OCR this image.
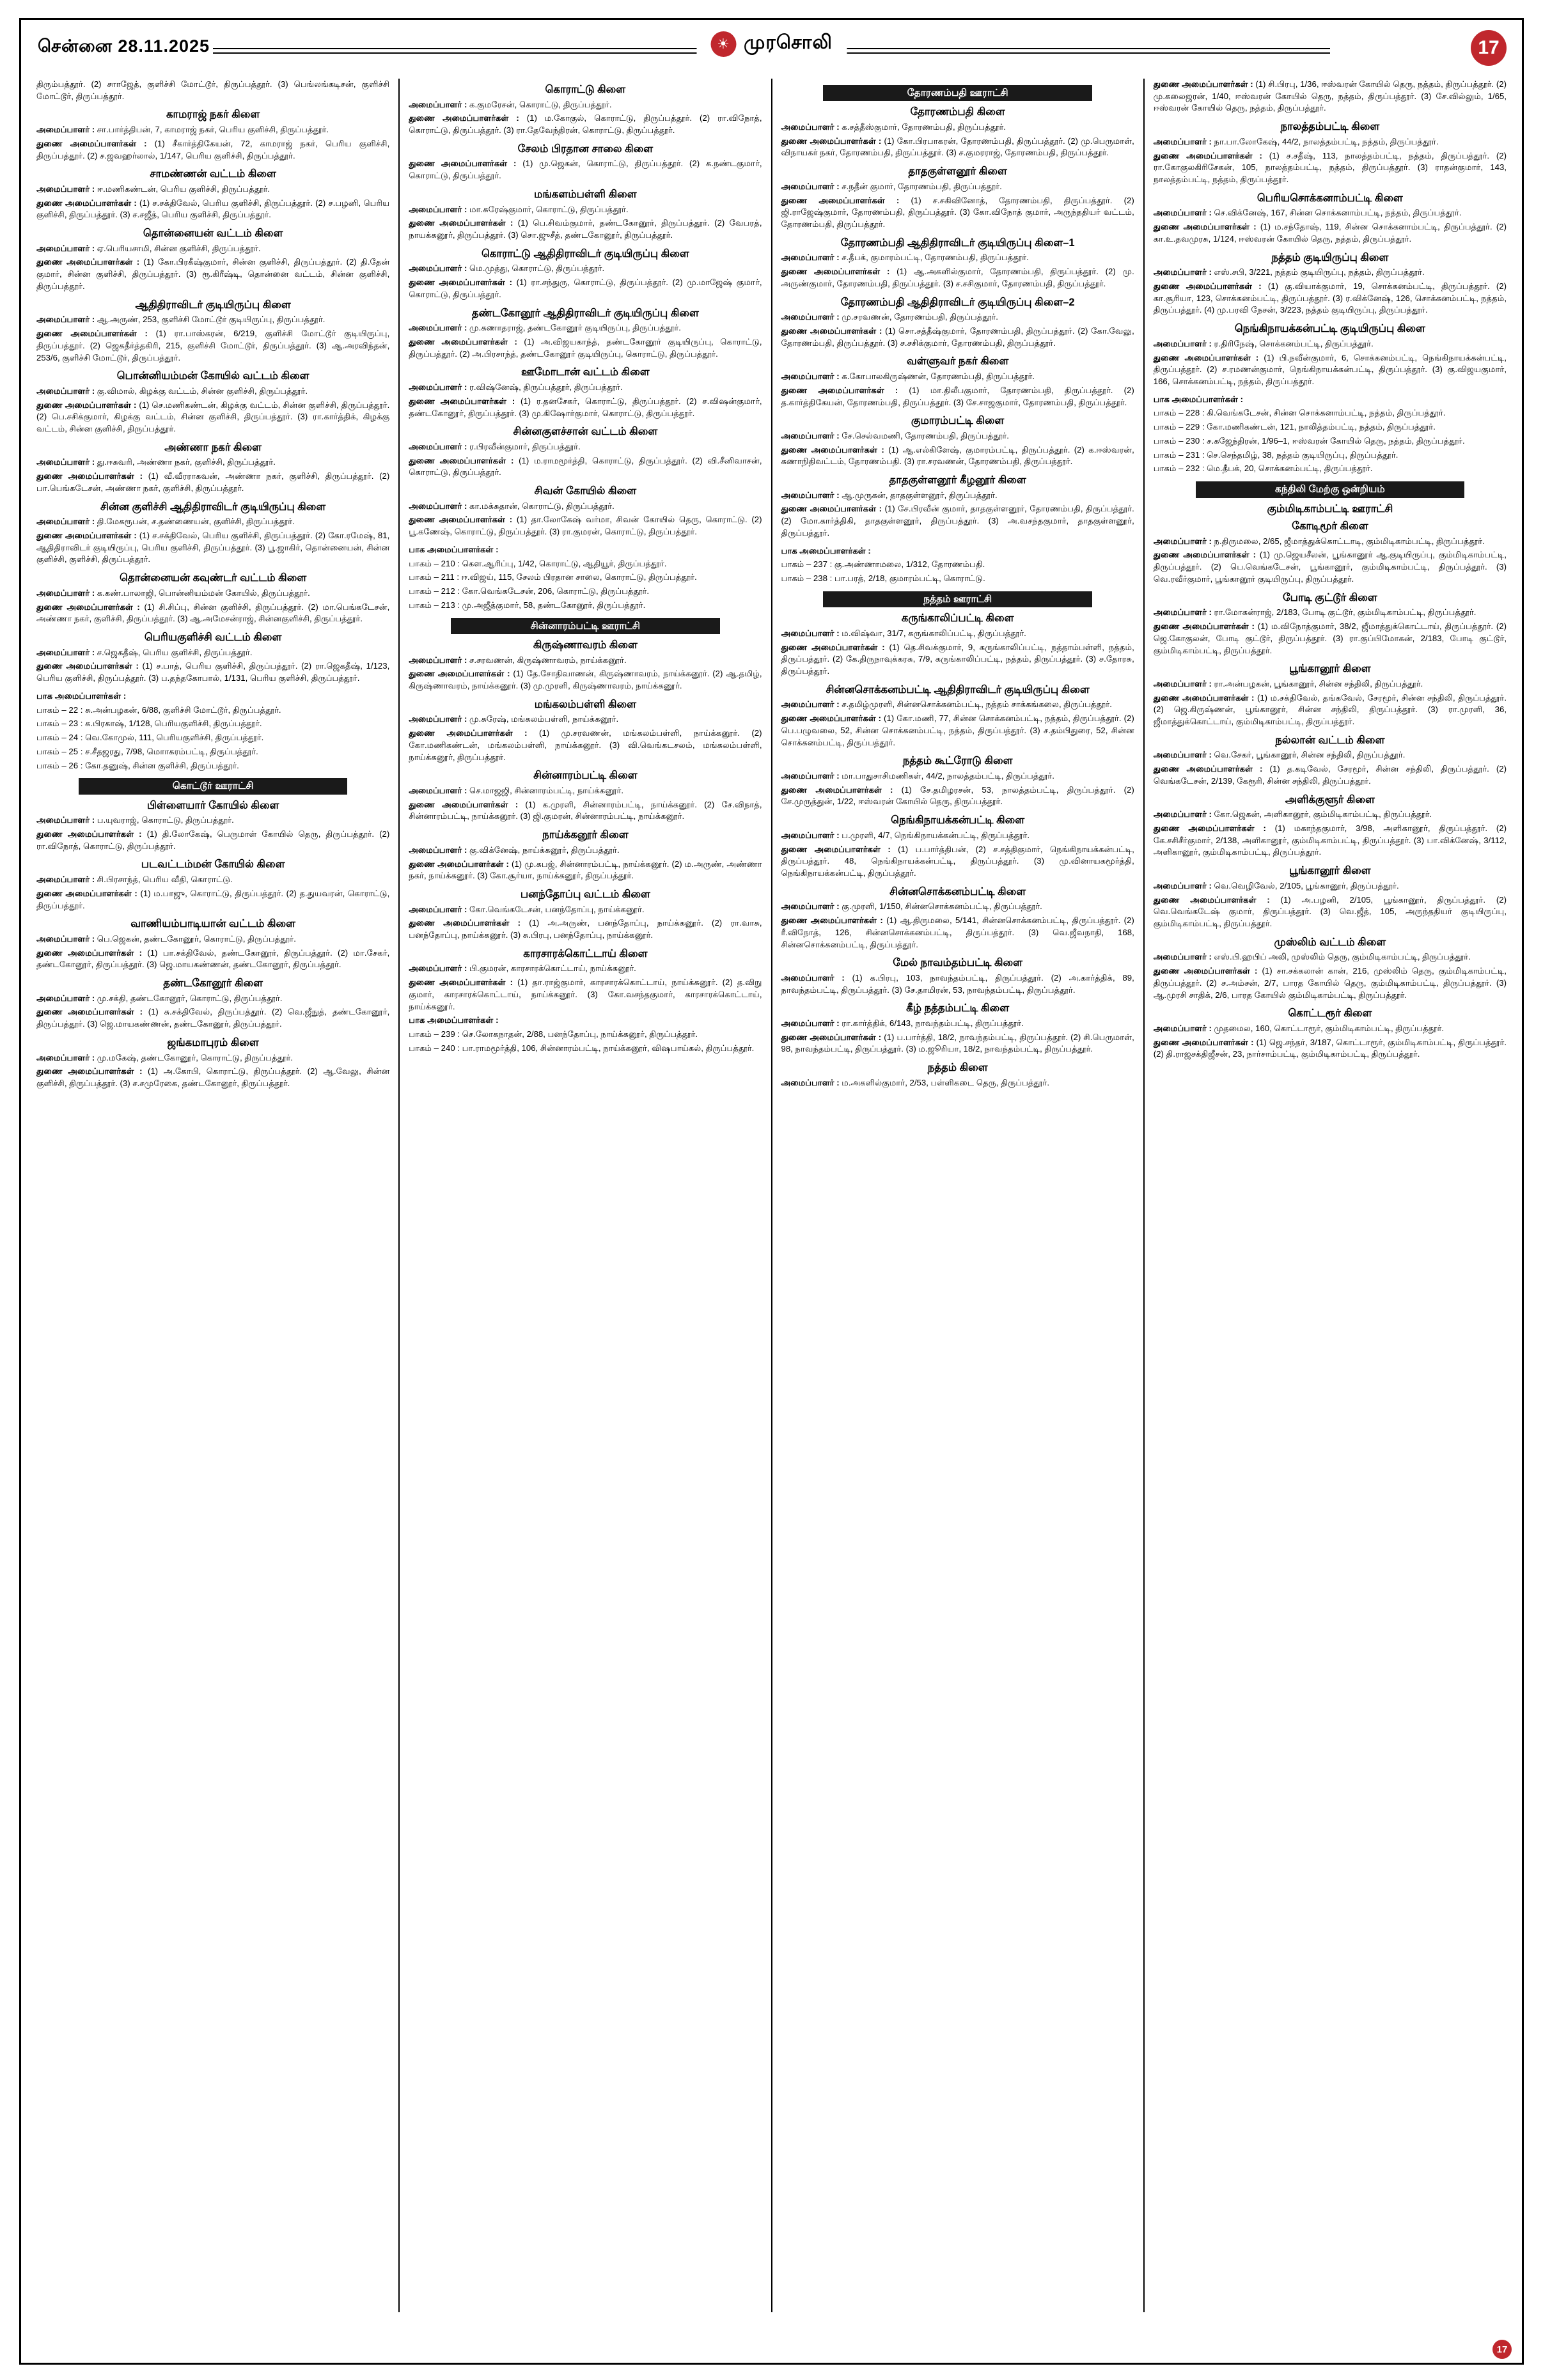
சென்னை 28.11.2025	☀ முரசொலி	17

திரும்பத்தூர். (2) சாாஜேத், குளிச்சி மோட்டூர், திருப்பத்தூர். (3) பெங்லங்கடிசன், குளிச்சி மோட்டூர், திருப்பத்தூர்.

காமராஜ் நகர் கிளை

அமைப்பாளர் : சா.பார்த்திபன், 7, காமராஜ் நகர், பெரிய குளிச்சி, திருப்பத்தூர்.

துணை அமைப்பாளர்கள் : (1) சீகார்த்திகேயன், 72, காமராஜ் நகர், பெரிய குளிச்சி, திருப்பத்தூர். (2) ச.ஜவஹர்லால், 1/147, பெரிய குளிச்சி, திருப்பத்தூர்.

சாமண்ணன் வட்டம் கிளை

அமைப்பாளர் : ஈ.மணிகண்டன், பெரிய குளிச்சி, திருப்பத்தூர்.

துணை அமைப்பாளர்கள் : (1) ச.சக்திவேல், பெரிய குளிச்சி, திருப்பத்தூர். (2) ச.பழனி, பெரிய குளிச்சி, திருப்பத்தூர். (3) ச.சஜீத், பெரிய குளிச்சி, திருப்பத்தூர்.

தொன்னையன் வட்டம் கிளை

அமைப்பாளர் : ஏ.பெரியசாமி, சின்ன குளிச்சி, திருப்பத்தூர்.

துணை அமைப்பாளர்கள் : (1) கோ.பிரகீஷ்குமார், சின்ன குளிச்சி, திருப்பத்தூர். (2) தி.தேன் குமார், சின்ன குளிச்சி, திருப்பத்தூர். (3) ரூ.கிரீஷ்டி, தொன்னை வட்டம், சின்ன குளிச்சி, திருப்பத்தூர்.

ஆதிதிராவிடர் குடியிருப்பு கிளை

அமைப்பாளர் : ஆ.அருண், 253, குளிச்சி மோட்டூர் குடியிருப்பு, திருப்பத்தூர்.

துணை அமைப்பாளர்கள் : (1) ரா.பாஸ்கரன், 6/219, குளிச்சி மோட்டூர் குடியிருப்பு, திருப்பத்தூர். (2) ஜெகதீர்த்தகிரி, 215, குளிச்சி மோட்டூர், திருப்பத்தூர். (3) ஆ.அரவிந்தன், 253/6, குளிச்சி மோட்டூர், திருப்பத்தூர்.

பொன்னியம்மன் கோயில் வட்டம் கிளை

அமைப்பாளர் : கு.விமால், கிழக்கு வட்டம், சின்ன குளிச்சி, திருப்பத்தூர்.

துணை அமைப்பாளர்கள் : (1) செ.மணிகண்டன், கிழக்கு வட்டம், சின்ன குளிச்சி, திருப்பத்தூர். (2) பெ.சசிக்குமார், கிழக்கு வட்டம், சின்ன குளிச்சி, திருப்பத்தூர். (3) ரா.கார்த்திக், கிழக்கு வட்டம், சின்ன குளிச்சி, திருப்பத்தூர்.

அண்ணா நகர் கிளை

அமைப்பாளர் : து.ஈசுவரி, அண்ணா நகர், குளிச்சி, திருப்பத்தூர்.

துணை அமைப்பாளர்கள் : (1) வீ.வீரராகவன், அண்ணா நகர், குளிச்சி, திருப்பத்தூர். (2) பா.பெங்கடேசன், அண்ணா நகர், குளிச்சி, திருப்பத்தூர்.

சின்ன குளிச்சி ஆதிதிராவிடர் குடியிருப்பு கிளை

அமைப்பாளர் : தி.மேகரூபன், ச.தண்ணையன், குளிச்சி, திருப்பத்தூர்.

துணை அமைப்பாளர்கள் : (1) ச.சக்திவேல், பெரிய குளிச்சி, திருப்பத்தூர். (2) கோ.ரமேஷ், 81, ஆதிதிராவிடர் குடியிருப்பு, பெரிய குளிச்சி, திருப்பத்தூர். (3) பூ.ஜாகிர், தொன்னையன், சின்ன குளிச்சி, குளிச்சி, திருப்பத்தூர்.

தொன்னையன் கவுண்டர் வட்டம் கிளை

அமைப்பாளர் : க.கண்.பாலாஜி, பொன்னியம்மன் கோயில், திருப்பத்தூர்.

துணை அமைப்பாளர்கள் : (1) சி.சிப்பு, சின்ன குளிச்சி, திருப்பத்தூர். (2) மா.பெங்கடேசன், அண்ணா நகர், குளிச்சி, திருப்பத்தூர். (3) ஆ.அமேசன்ராஜ், சின்னகுளிச்சி, திருப்பத்தூர்.

பெரியகுளிச்சி வட்டம் கிளை

அமைப்பாளர் : ச.ஜெகதீஷ், பெரிய குளிச்சி, திருப்பத்தூர்.

துணை அமைப்பாளர்கள் : (1) ச.பாத், பெரிய குளிச்சி, திருப்பத்தூர். (2) ரா.ஜெகதீஷ், 1/123, பெரிய குளிச்சி, திருப்பத்தூர். (3) ப.தந்தகோபால், 1/131, பெரிய குளிச்சி, திருப்பத்தூர்.

பாக அமைப்பாளர்கள் :

பாகம் – 22 : சு.அன்பழகன், 6/88, குளிச்சி மோட்டூர், திருப்பத்தூர்.

பாகம் – 23 : க.பிரகாஷ், 1/128, பெரியகுளிச்சி, திருப்பத்தூர்.

பாகம் – 24 : வெ.கோமுல், 111, பெரியகுளிச்சி, திருப்பத்தூர்.

பாகம் – 25 : ச.சீதஜரது, 7/98, மொாகரம்பட்டி, திருப்பத்தூர்.

பாகம் – 26 : கோ.தனுஷ், சின்ன குளிச்சி, திருப்பத்தூர்.

கொட்டூர் ஊராட்சி
பிள்ளையார் கோயில் கிளை

அமைப்பாளர் : ப.யுவராஜ், கொராட்டு, திருப்பத்தூர்.

துணை அமைப்பாளர்கள் : (1) தி.லோகேஷ், பெருமாள் கோயில் தெரு, திருப்பத்தூர். (2) ரா.விநோத், கொராட்டு, திருப்பத்தூர்.

படவட்டம்மன் கோயில் கிளை

அமைப்பாளர் : சி.பிரசாந்த், பெரிய வீதி, கொராட்டு.

துணை அமைப்பாளர்கள் : (1) ம.பாஜு, கொராட்டு, திருப்பத்தூர். (2) த.துயவரன், கொராட்டு, திருப்பத்தூர்.

வாணியம்பாடியான் வட்டம் கிளை

அமைப்பாளர் : பெ.ஜெகன், தண்டகோனூர், கொராட்டு, திருப்பத்தூர்.

துணை அமைப்பாளர்கள் : (1) பா.சக்திவேல், தண்டகோனூர், திருப்பத்தூர். (2) மா.சேகர், தண்டகோனூர், திருப்பத்தூர். (3) ஜெ.மாயகண்ணன், தண்டகோனூர், திருப்பத்தூர்.

தண்டகோனூர் கிளை

அமைப்பாளர் : மு.சக்தி, தண்டகோனூர், கொராட்டு, திருப்பத்தூர்.

துணை அமைப்பாளர்கள் : (1) சு.சக்திவேல், திருப்பத்தூர். (2) வெ.ஜீநுத், தண்டகோனூர், திருப்பத்தூர். (3) ஜெ.மாயகண்ணன், தண்டகோனூர், திருப்பத்தூர்.

ஜங்கமாபுரம் கிளை

அமைப்பாளர் : மு.மகேஷ், தண்டகோனூர், கொராட்டு, திருப்பத்தூர்.

துணை அமைப்பாளர்கள் : (1) அ.கோபி, கொராட்டு, திருப்பத்தூர். (2) ஆ.வேலு, சின்ன குளிச்சி, திருப்பத்தூர். (3) ச.சமுரேகை, தண்டகோனூர், திருப்பத்தூர்.

கொராட்டு கிளை

அமைப்பாளர் : க.குமரேசன், கொராட்டு, திருப்பத்தூர்.

துணை அமைப்பாளர்கள் : (1) ம.கோகுல், கொராட்டு, திருப்பத்தூர். (2) ரா.விநோத், கொராட்டு, திருப்பத்தூர். (3) ரா.தேவேந்திரன், கொராட்டு, திருப்பத்தூர்.

சேலம் பிரதான சாலை கிளை

துணை அமைப்பாளர்கள் : (1) மு.ஜெகன், கொராட்டு, திருப்பத்தூர். (2) க.நண்டகுமார், கொராட்டு, திருப்பத்தூர்.

மங்களம்பள்ளி கிளை

அமைப்பாளர் : மா.சுரேஷ்குமார், கொராட்டு, திருப்பத்தூர்.

துணை அமைப்பாளர்கள் : (1) பெ.சிவம்குமார், தண்டகோனூர், திருப்பத்தூர். (2) வேபரத், நாயக்கனூர், திருப்பத்தூர். (3) சொ.ஜுசீத், தண்டகோனூர், திருப்பத்தூர்.

கொராட்டு ஆதிதிராவிடர் குடியிருப்பு கிளை

அமைப்பாளர் : மெ.முத்து, கொராட்டு, திருப்பத்தூர்.

துணை அமைப்பாளர்கள் : (1) ரா.சந்துரு, கொராட்டு, திருப்பத்தூர். (2) மு.மாஜேஷ் குமார், கொராட்டு, திருப்பத்தூர்.

தண்டகோனூர் ஆதிதிராவிடர் குடியிருப்பு கிளை

அமைப்பாளர் : மு.கணாதராஜ், தண்டகோனூர் குடியிருப்பு, திருப்பத்தூர்.

துணை அமைப்பாளர்கள் : (1) அ.விஜயகாந்த், தண்டகோனூர் குடியிருப்பு, கொராட்டு, திருப்பத்தூர். (2) அ.பிரசாந்த், தண்டகோனூர் குடியிருப்பு, கொராட்டு, திருப்பத்தூர்.

ஊமோடான் வட்டம் கிளை

அமைப்பாளர் : ர.விஷ்னேஷ், திருப்பத்தூர், திருப்பத்தூர்.

துணை அமைப்பாளர்கள் : (1) ர.தனசேகர், கொராட்டு, திருப்பத்தூர். (2) ச.விஷன்குமார், தண்டகோனூர், திருப்பத்தூர். (3) மு.கிஷோர்குமார், கொராட்டு, திருப்பத்தூர்.

சின்னகுளச்சான் வட்டம் கிளை

அமைப்பாளர் : ர.பிரவீன்குமார், திருப்பத்தூர்.

துணை அமைப்பாளர்கள் : (1) ம.ராமமூர்த்தி, கொராட்டு, திருப்பத்தூர். (2) வி.சீனிவாசன், கொராட்டு, திருப்பத்தூர்.

சிவன் கோயில் கிளை

அமைப்பாளர் : கா.மக்சுதான், கொராட்டு, திருப்பத்தூர்.

துணை அமைப்பாளர்கள் : (1) தா.லோகேஷ் வர்மா, சிவன் கோயில் தெரு, கொராட்டு. (2) பூ.கணேஷ், கொராட்டு, திருப்பத்தூர். (3) ரா.குமரன், கொராட்டு, திருப்பத்தூர்.

பாக அமைப்பாளர்கள் :

பாகம் – 210 : கௌ.ஆரிப்பு, 1/42, கொராட்டு, ஆதியூர், திருப்பத்தூர்.

பாகம் – 211 : ஈ.விஜய், 115, சேலம் பிரதான சாலை, கொராட்டு, திருப்பத்தூர்.

பாகம் – 212 : கோ.வெங்கடேசன், 206, கொராட்டு, திருப்பத்தூர்.

பாகம் – 213 : மு.அஜீத்குமார், 58, தண்டகோனூர், திருப்பத்தூர்.

சின்னாரம்பட்டி ஊராட்சி
கிருஷ்ணாவரம் கிளை

அமைப்பாளர் : ச.சரவணன், கிருஷ்ணாவரம், நாய்க்கனூர்.

துணை அமைப்பாளர்கள் : (1) தே.சோதிவாணன், கிருஷ்ணாவரம், நாய்க்கனூர். (2) ஆ.தமிழ், கிருஷ்ணாவரம், நாய்க்கனூர். (3) மு.முரளி, கிருஷ்ணாவரம், நாய்க்கனூர்.

மங்கலம்பள்ளி கிளை

அமைப்பாளர் : மு.சுரேஷ், மங்கலம்பள்ளி, நாய்க்கனூர்.

துணை அமைப்பாளர்கள் : (1) மு.சரவணன், மங்கலம்பள்ளி, நாய்க்கனூர். (2) கோ.மணிகண்டன், மங்கலம்பள்ளி, நாய்க்கனூர். (3) வி.வெங்கடசலம், மங்கலம்பள்ளி, நாய்க்கனூர், திருப்பத்தூர்.

சின்னாரம்பட்டி கிளை

அமைப்பாளர் : செ.மாஜஜி, சின்னாரம்பட்டி, நாய்க்கனூர்.

துணை அமைப்பாளர்கள் : (1) க.முரளி, சின்னாரம்பட்டி, நாய்க்கனூர். (2) சே.விநாத், சின்னாரம்பட்டி, நாய்க்கனூர். (3) ஜி.குமரன், சின்னாரம்பட்டி, நாய்க்கனூர்.

நாய்க்கனூர் கிளை

அமைப்பாளர் : கு.விக்னேஷ், நாய்க்கனூர், திருப்பத்தூர்.

துணை அமைப்பாளர்கள் : (1) மு.கபஜ், சின்னாரம்பட்டி, நாய்க்கனூர். (2) ம.அருண், அண்ணா நகர், நாய்க்கனூர். (3) கோ.சூர்யா, நாய்க்கனூர், திருப்பத்தூர்.

பனந்தோப்பு வட்டம் கிளை

அமைப்பாளர் : கோ.வெங்கடேசன், பனந்தோப்பு, நாய்க்கனூர்.

துணை அமைப்பாளர்கள் : (1) அ.அருண், பனந்தோப்பு, நாய்க்கனூர். (2) ரா.வாசு, பனந்தோப்பு, நாய்க்கனூர். (3) சு.பிரபு, பனந்தோப்பு, நாய்க்கனூர்.

காரசாரக்கொட்டாய் கிளை

அமைப்பாளர் : பி.குமரன், காரசாரக்கொட்டாய், நாய்க்கனூர்.

துணை அமைப்பாளர்கள் : (1) தா.ராஜ்குமார், காரசாரக்கொட்டாய், நாய்க்கனூர். (2) த.விநு குமார், காரசாரக்கொட்டாய், நாய்க்கனூர். (3) கோ.வசந்தகுமார், காரசாரக்கொட்டாய், நாய்க்கனூர்.

பாக அமைப்பாளர்கள் :

பாகம் – 239 : செ.லோகநாதன், 2/88, பனந்தோப்பு, நாய்க்கனூர், திருப்பத்தூர்.

பாகம் – 240 : பா.ராமமூர்த்தி, 106, சின்னாரம்பட்டி, நாய்க்கனூர், விஷபாய்கல், திருப்பத்தூர்.

தோரணம்பதி ஊராட்சி
தோரணம்பதி கிளை

அமைப்பாளர் : க.சத்தீஸ்குமார், தோரணம்பதி, திருப்பத்தூர்.

துணை அமைப்பாளர்கள் : (1) கோ.பிரபாகரன், தோரணம்பதி, திருப்பத்தூர். (2) மு.பெருமாள், விநாயகர் நகர், தோரணம்பதி, திருப்பத்தூர். (3) ச.குமரராஜ், தோரணம்பதி, திருப்பத்தூர்.

தாதகுள்ளனூர் கிளை

அமைப்பாளர் : ச.நதீன் குமார், தோரணம்பதி, திருப்பத்தூர்.

துணை அமைப்பாளர்கள் : (1) ச.சகிவினோத், தோரணம்பதி, திருப்பத்தூர். (2) ஜி.ராஜேஷ்குமார், தோரணம்பதி, திருப்பத்தூர். (3) கோ.விநோத் குமார், அருந்ததியர் வட்டம், தோரணம்பதி, திருப்பத்தூர்.

தோரணம்பதி ஆதிதிராவிடர் குடியிருப்பு கிளை–1

அமைப்பாளர் : ச.தீபக், குமாரம்பட்டி, தோரணம்பதி, திருப்பத்தூர்.

துணை அமைப்பாளர்கள் : (1) ஆ.அகளில்குமார், தோரணம்பதி, திருப்பத்தூர். (2) மு. அருண்குமார், தோரணம்பதி, திருப்பத்தூர். (3) ச.சசிகுமார், தோரணம்பதி, திருப்பத்தூர்.

தோரணம்பதி ஆதிதிராவிடர் குடியிருப்பு கிளை–2

அமைப்பாளர் : மு.சரவணன், தோரணம்பதி, திருப்பத்தூர்.

துணை அமைப்பாளர்கள் : (1) சொ.சத்தீஷ்குமார், தோரணம்பதி, திருப்பத்தூர். (2) கோ.வேலு, தோரணம்பதி, திருப்பத்தூர். (3) ச.சசிக்குமார், தோரணம்பதி, திருப்பத்தூர்.

வள்ளுவர் நகர் கிளை

அமைப்பாளர் : க.கோபாலகிருஷ்ணன், தோரணம்பதி, திருப்பத்தூர்.

துணை அமைப்பாளர்கள் : (1) மா.திலீபகுமார், தோரணம்பதி, திருப்பத்தூர். (2) த.கார்த்திகேயன், தோரணம்பதி, திருப்பத்தூர். (3) சே.சாஜகுமார், தோரணம்பதி, திருப்பத்தூர்.

குமாரம்பட்டி கிளை

அமைப்பாளர் : சே.செல்வமணி, தோரணம்பதி, திருப்பத்தூர்.

துணை அமைப்பாளர்கள் : (1) ஆ.எல்கிளேஷ், குமாரம்பட்டி, திருப்பத்தூர். (2) க.ஈஸ்வரன், கணாநிதிவட்டம், தோரணம்பதி. (3) ரா.சரவணன், தோரணம்பதி, திருப்பத்தூர்.

தாதகுள்ளனூர் கீழனூர் கிளை

அமைப்பாளர் : ஆ.முருகன், தாதகுள்ளனூர், திருப்பத்தூர்.

துணை அமைப்பாளர்கள் : (1) சே.பிரவீன் குமார், தாதகுள்ளனூர், தோரணம்பதி, திருப்பத்தூர். (2) மோ.கார்த்திகி, தாதகுள்ளனூர், திருப்பத்தூர். (3) அ.வசந்தகுமார், தாதகுள்ளனூர், திருப்பத்தூர்.

பாக அமைப்பாளர்கள் :

பாகம் – 237 : கு.அண்ணாமலை, 1/312, தோரணம்பதி.

பாகம் – 238 : பா.பரத், 2/18, குமாரம்பட்டி, கொராட்டு.

நத்தம் ஊராட்சி
கருங்காலிப்பட்டி கிளை

அமைப்பாளர் : ம.விஷ்வா, 31/7, கருங்காலிப்பட்டி, திருப்பத்தூர்.

துணை அமைப்பாளர்கள் : (1) தெ.சிவக்குமார், 9, கருங்காலிப்பட்டி, நத்தாம்பள்ளி, நத்தம், திருப்பத்தூர். (2) கே.திருநாவுக்கரசு, 7/9, கருங்காலிப்பட்டி, நத்தம், திருப்பத்தூர். (3) ச.தோரசு, திருப்பத்தூர்.

சின்னசொக்கனம்பட்டி ஆதிதிராவிடர் குடியிருப்பு கிளை

அமைப்பாளர் : ச.தமிழ்முரளி, சின்னசொக்கனம்பட்டி, நத்தம் சாக்கங்கலை, திருப்பத்தூர்.

துணை அமைப்பாளர்கள் : (1) கோ.மணி, 77, சின்ன சொக்கனம்பட்டி, நத்தம், திருப்பத்தூர். (2) பெ.பழுவலை, 52, சின்ன சொக்கனம்பட்டி, நத்தம், திருப்பத்தூர். (3) ச.தம்பிதுரை, 52, சின்ன சொக்கனம்பட்டி, திருப்பத்தூர்.

நத்தம் கூட்ரோடு கிளை

அமைப்பாளர் : மா.பாதுசாசிமணிகள், 44/2, நாலத்தம்பட்டி, திருப்பத்தூர்.

துணை அமைப்பாளர்கள் : (1) சே.தமிழரசன், 53, நாலத்தம்பட்டி, திருப்பத்தூர். (2) சே.முருத்துன், 1/22, ஈஸ்வரன் கோயில் தெரு, திருப்பத்தூர்.

நெங்கிநாயக்கன்பட்டி கிளை

அமைப்பாளர் : ப.முரளி, 4/7, நெங்கிநாயக்கன்பட்டி, திருப்பத்தூர்.

துணை அமைப்பாளர்கள் : (1) ப.பார்த்திபன், (2) ச.சத்திகுமார், நெங்கிநாயக்கன்பட்டி, திருப்பத்தூர். 48, நெங்கிநாயக்கன்பட்டி, திருப்பத்தூர். (3) மு.வினாயகமூர்த்தி, நெங்கிநாயக்கன்பட்டி, திருப்பத்தூர்.

சின்னசொக்கனம்பட்டி கிளை

அமைப்பாளர் : கு.முரளி, 1/150, சின்னசொக்கனம்பட்டி, திருப்பத்தூர்.

துணை அமைப்பாளர்கள் : (1) ஆ.திருமலை, 5/141, சின்னசொக்கனம்பட்டி, திருப்பத்தூர். (2) ரீ.விநோத், 126, சின்னசொக்கனம்பட்டி, திருப்பத்தூர். (3) வெ.ஜீவநாதி, 168, சின்னசொக்கனம்பட்டி, திருப்பத்தூர்.

மேல் நாவம்தம்பட்டி கிளை

அமைப்பாளர் : (1) க.பிரபு, 103, நாவந்தம்பட்டி, திருப்பத்தூர். (2) அ.கார்த்திக், 89, நாவந்தம்பட்டி, திருப்பத்தூர். (3) சே.தாமிரன், 53, நாவந்தம்பட்டி, திருப்பத்தூர்.

கீழ் நத்தம்பட்டி கிளை

அமைப்பாளர் : ரா.கார்த்திக், 6/143, நாவந்தம்பட்டி, திருப்பத்தூர்.

துணை அமைப்பாளர்கள் : (1) ப.பார்த்தி, 18/2, நாவந்தம்பட்டி, திருப்பத்தூர். (2) சி.பெருமாள், 98, நாவந்தம்பட்டி, திருப்பத்தூர். (3) ம.ஜூரியா, 18/2, நாவந்தம்பட்டி, திருப்பத்தூர்.

நத்தம் கிளை

அமைப்பாளர் : ம.அகளில்குமார், 2/53, பள்ளிகடை தெரு, திருப்பத்தூர்.

துணை அமைப்பாளர்கள் : (1) சி.பிரபு, 1/36, ஈஸ்வரன் கோயில் தெரு, நத்தம், திருப்பத்தூர். (2) மு.கலைஜரன், 1/40, ஈஸ்வரன் கோயில் தெரு, நத்தம், திருப்பத்தூர். (3) சே.வில்லும், 1/65, ஈஸ்வரன் கோயில் தெரு, நத்தம், திருப்பத்தூர்.

நாலத்தம்பட்டி கிளை

அமைப்பாளர் : நா.பா.லோகேஷ், 44/2, நாலத்தம்பட்டி, நத்தம், திருப்பத்தூர்.

துணை அமைப்பாளர்கள் : (1) ச.சதீஷ், 113, நாலத்தம்பட்டி, நத்தம், திருப்பத்தூர். (2) ரா.கோகுலகிரிசேகன், 105, நாலத்தம்பட்டி, நத்தம், திருப்பத்தூர். (3) ராதன்குமார், 143, நாலத்தம்பட்டி, நத்தம், திருப்பத்தூர்.

பெரியசொக்கனாம்பட்டி கிளை

அமைப்பாளர் : செ.விக்னேஷ், 167, சின்ன சொக்கனாம்பட்டி, நத்தம், திருப்பத்தூர்.

துணை அமைப்பாளர்கள் : (1) ம.சந்தோஷ், 119, சின்ன சொக்கனாம்பட்டி, திருப்பத்தூர். (2) கா.உ.தவமுரசு, 1/124, ஈஸ்வரன் கோயில் தெரு, நத்தம், திருப்பத்தூர்.

நத்தம் குடியிருப்பு கிளை

அமைப்பாளர் : எஸ்.சபி, 3/221, நத்தம் குடியிருப்பு, நத்தம், திருப்பத்தூர்.

துணை அமைப்பாளர்கள் : (1) கு.வியாக்குமார், 19, சொக்கனம்பட்டி, திருப்பத்தூர். (2) கா.சூரியா, 123, சொக்கனம்பட்டி, திருப்பத்தூர். (3) ர.விக்னேஷ், 126, சொக்கனம்பட்டி, நத்தம், திருப்பத்தூர். (4) மு.பரவி நேசன், 3/223, நத்தம் குடியிருப்பு, திருப்பத்தூர்.

நெங்கிநாயக்கன்பட்டி குடியிருப்பு கிளை

அமைப்பாளர் : ர.திரிநேஷ், சொக்கனம்பட்டி, திருப்பத்தூர்.

துணை அமைப்பாளர்கள் : (1) பி.நவீன்குமார், 6, சொக்கனம்பட்டி, நெங்கிநாயக்கன்பட்டி, திருப்பத்தூர். (2) ச.ரமணன்குமார், நெங்கிநாயக்கன்பட்டி, திருப்பத்தூர். (3) கு.விஜயகுமார், 166, சொக்கனம்பட்டி, நத்தம், திருப்பத்தூர்.

பாக அமைப்பாளர்கள் :

பாகம் – 228 : கி.வெங்கடேசன், சின்ன சொக்கனாம்பட்டி, நத்தம், திருப்பத்தூர்.

பாகம் – 229 : கோ.மணிகண்டன், 121, நாலித்தம்பட்டி, நத்தம், திருப்பத்தூர்.

பாகம் – 230 : ச.கஜேந்திரன், 1/96–1, ஈஸ்வரன் கோயில் தெரு, நத்தம், திருப்பத்தூர்.

பாகம் – 231 : செ.செந்தமிழ், 38, நத்தம் குடியிருப்பு, திருப்பத்தூர்.

பாகம் – 232 : மெ.தீபக், 20, சொக்கனம்பட்டி, திருப்பத்தூர்.

கந்திலி மேற்கு ஒன்றியம்
கும்மிடிகாம்பட்டி ஊராட்சி
கோடிமூர் கிளை

அமைப்பாளர் : ந.திருமலை, 2/65, ஜீமாத்துக்கொட்டாடி, கும்மிடிகாம்பட்டி, திருப்பத்தூர்.

துணை அமைப்பாளர்கள் : (1) மு.ஜெயசீலன், பூங்கானூர் ஆ.குடியிருப்பு, கும்மிடிகாம்பட்டி, திருப்பத்தூர். (2) பெ.வெங்கடேசன், பூங்கானூர், கும்மிடிகாம்பட்டி, திருப்பத்தூர். (3) வெ.ரவீர்குமார், பூங்கானூர் குடியிருப்பு, திருப்பத்தூர்.

போடி குட்டூர் கிளை

அமைப்பாளர் : ரா.மோகன்ராஜ், 2/183, போடி குட்டூர், கும்மிடிகாம்பட்டி, திருப்பத்தூர்.

துணை அமைப்பாளர்கள் : (1) ம.விநோத்குமார், 38/2, ஜீமாத்துக்கொட்டாய், திருப்பத்தூர். (2) ஜெ.கோகுலன், போடி குட்டூர், திருப்பத்தூர். (3) ரா.குப்பிமோகன், 2/183, போடி குட்டூர், கும்மிடிகாம்பட்டி, திருப்பத்தூர்.

பூங்கானூர் கிளை

அமைப்பாளர் : ரா.அன்பழகன், பூங்கானூர், சின்ன சந்திலி, திருப்பத்தூர்.

துணை அமைப்பாளர்கள் : (1) ம.சக்திவேல், தங்கவேல், சேரமூர், சின்ன சந்திலி, திருப்பத்தூர். (2) ஜெ.கிருஷ்ணன், பூங்கானூர், சின்ன சந்திலி, திருப்பத்தூர். (3) ரா.முரளி, 36, ஜீமாத்துக்கொட்டாய், கும்மிடிகாம்பட்டி, திருப்பத்தூர்.

நல்லான் வட்டம் கிளை

அமைப்பாளர் : வெ.சேகர், பூங்கானூர், சின்ன சந்திலி, திருப்பத்தூர்.

துணை அமைப்பாளர்கள் : (1) த.கடிவேல், சேரமூர், சின்ன சந்திலி, திருப்பத்தூர். (2) வெங்கடேசன், 2/139, கேரூரி, சின்ன சந்திலி, திருப்பத்தூர்.

அளிக்குளூர் கிளை

அமைப்பாளர் : கோ.ஜெகன், அளிகானூர், கும்மிடிகாம்பட்டி, திருப்பத்தூர்.

துணை அமைப்பாளர்கள் : (1) மகாந்தகுமார், 3/98, அளிகானூர், திருப்பத்தூர். (2) கே.சசிசீர்குமார், 2/138, அளிகானூர், கும்மிடிகாம்பட்டி, திருப்பத்தூர். (3) பா.விக்னேஷ், 3/112, அளிகானூர், கும்மிடிகாம்பட்டி, திருப்பத்தூர்.

பூங்கானூர் கிளை

அமைப்பாளர் : வெ.வெழிவேல், 2/105, பூங்கானூர், திருப்பத்தூர்.

துணை அமைப்பாளர்கள் : (1) அ.பழனி, 2/105, பூங்கானூர், திருப்பத்தூர். (2) வெ.வெங்கடேஷ் குமார், திருப்பத்தூர். (3) வெ.ஜீத், 105, அருந்ததியர் குடியிருப்பு, கும்மிடிகாம்பட்டி, திருப்பத்தூர்.

முஸ்லிம் வட்டம் கிளை

அமைப்பாளர் : எஸ்.பி.ஹபிப் அலி, முஸ்லிம் தெரு, கும்மிடிகாம்பட்டி, திருப்பத்தூர்.

துணை அமைப்பாளர்கள் : (1) சா.சக்கலான் கான், 216, முஸ்லிம் தெரு, கும்மிடிகாம்பட்டி, திருப்பத்தூர். (2) ச.அம்சன், 2/7, பாரத கோயில் தெரு, கும்மிடிகாம்பட்டி, திருப்பத்தூர். (3) ஆ.முரசி சாதிக், 2/6, பாரத கோயில் கும்மிடிகாம்பட்டி, திருப்பத்தூர்.

கொட்டரூர் கிளை

அமைப்பாளர் : முதமைல, 160, கொட்டாரூர், கும்மிடிகாம்பட்டி, திருப்பத்தூர்.

துணை அமைப்பாளர்கள் : (1) ஜெ.சந்தர், 3/187, கொட்டாரூர், கும்மிடிகாம்பட்டி, திருப்பத்தூர். (2) தி.ராஜசக்திஜீசன், 23, நார்சாம்பட்டி, கும்மிடிகாம்பட்டி, திருப்பத்தூர்.

17
